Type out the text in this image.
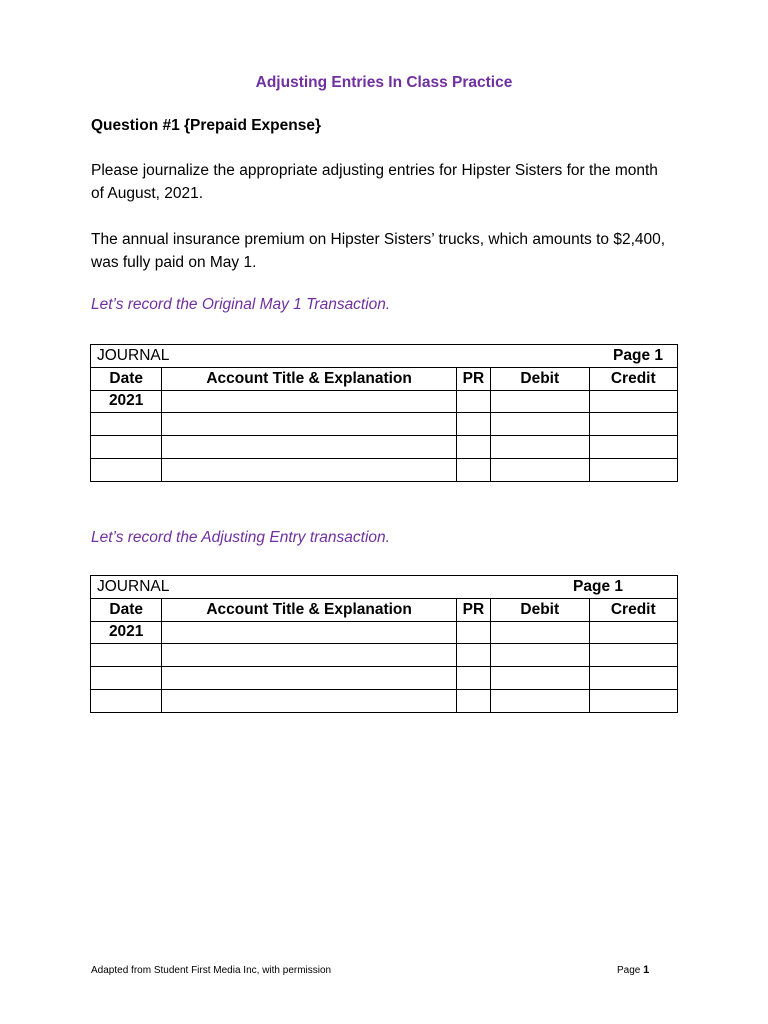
Adjusting Entries In Class Practice
Question #1 {Prepaid Expense}
Please journalize the appropriate adjusting entries for Hipster Sisters for the month of August, 2021.
The annual insurance premium on Hipster Sisters’ trucks, which amounts to $2,400, was fully paid on May 1.
Let’s record the Original May 1 Transaction.
JOURNAL Page 1				

Date	Account Title & Explanation	PR	Debit	Credit
2021				

Let’s record the Adjusting Entry transaction.
JOURNAL Page 1				

Date	Account Title & Explanation	PR	Debit	Credit
2021				

Adapted from Student First Media Inc, with permission	Page 1
